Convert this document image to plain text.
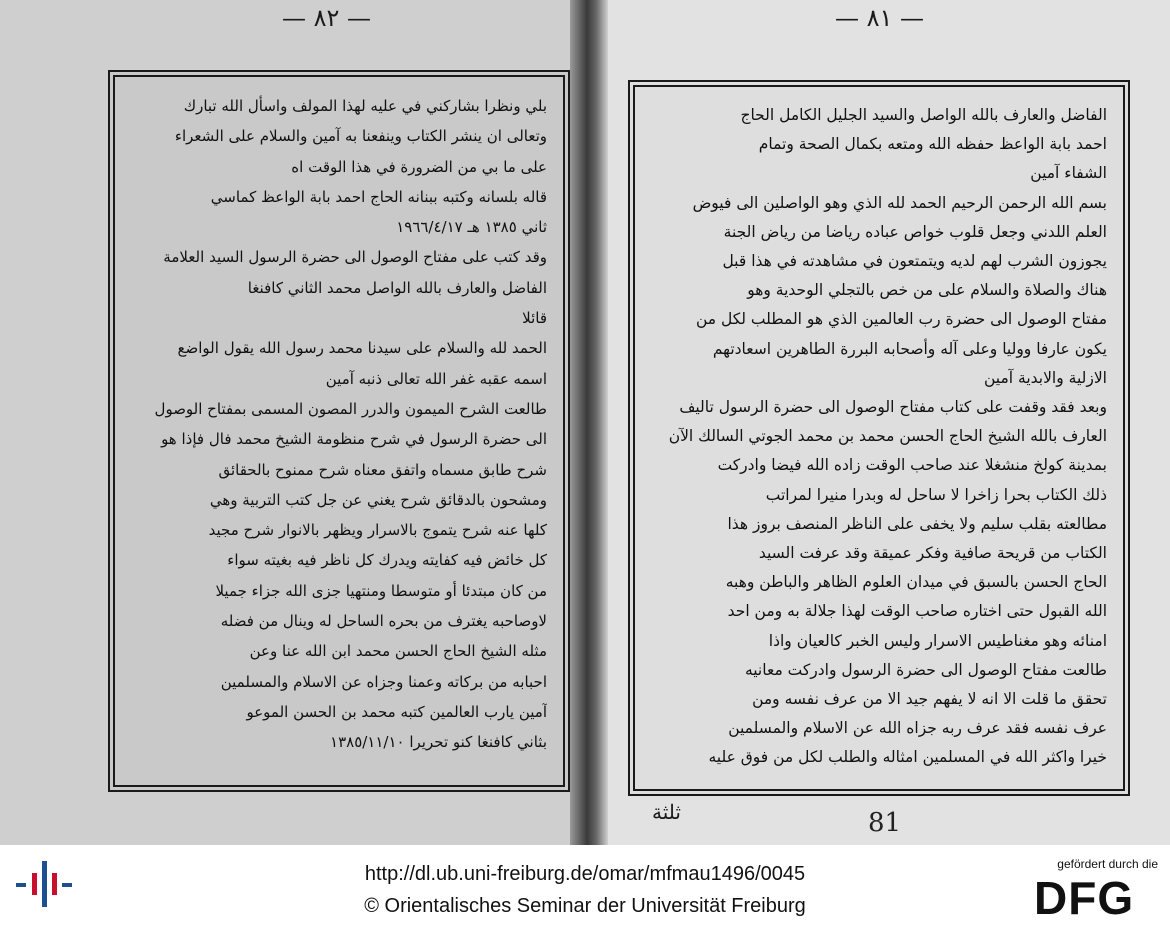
— ٨٢ —	— ٨١ —
بلي ونظرا بشاركني في عليه لهذا المولف واسأل الله تبارك
وتعالى ان ينشر الكتاب وينفعنا به آمين والسلام على الشعراء
على ما بي من الضرورة في هذا الوقت اه
قاله بلسانه وكتبه ببنانه الحاج احمد بابة الواعظ كماسي
ثاني ١٣٨٥ هـ ١٩٦٦/٤/١٧
وقد كتب على مفتاح الوصول الى حضرة الرسول السيد العلامة
الفاضل والعارف بالله الواصل محمد الثاني كافنغا
قائلا
الحمد لله والسلام على سيدنا محمد رسول الله يقول الواضع
اسمه عقبه غفر الله تعالى ذنبه آمين
طالعت الشرح الميمون والدرر المصون المسمى بمفتاح الوصول
الى حضرة الرسول في شرح منظومة الشيخ محمد فال فإذا هو
شرح طابق مسماه واتفق معناه شرح ممنوح بالحقائق
ومشحون بالدقائق شرح يغني عن جل كتب التربية وهي
كلها عنه شرح يتموج بالاسرار ويظهر بالانوار شرح مجيد
كل خائض فيه كفايته ويدرك كل ناظر فيه بغيته سواء
من كان مبتدئا أو متوسطا ومنتهيا جزى الله جزاء جميلا
لاوصاحبه يغترف من بحره الساحل له وينال من فضله
مثله الشيخ الحاج الحسن محمد ابن الله عنا وعن
احبابه من بركاته وعمنا وجزاه عن الاسلام والمسلمين
آمين يارب العالمين كتبه محمد بن الحسن الموعو
بثاني كافنغا كنو تحريرا ١٣٨٥/١١/١٠
الفاضل والعارف بالله الواصل والسيد الجليل الكامل الحاج
احمد بابة الواعظ حفظه الله ومتعه بكمال الصحة وتمام
الشفاء آمين
بسم الله الرحمن الرحيم الحمد لله الذي وهو الواصلين الى فيوض
العلم اللدني وجعل قلوب خواص عباده رياضا من رياض الجنة
يجوزون الشرب لهم لديه ويتمتعون في مشاهدته في هذا قبل
هناك والصلاة والسلام على من خص بالتجلي الوحدية وهو
مفتاح الوصول الى حضرة رب العالمين الذي هو المطلب لكل من
يكون عارفا ووليا وعلى آله وأصحابه البررة الطاهرين اسعادتهم
الازلية والابدية آمين
وبعد فقد وقفت على كتاب مفتاح الوصول الى حضرة الرسول تاليف
العارف بالله الشيخ الحاج الحسن محمد بن محمد الجوتي السالك الآن
بمدينة كولخ منشغلا عند صاحب الوقت زاده الله فيضا وادركت
ذلك الكتاب بحرا زاخرا لا ساحل له وبدرا منيرا لمراتب
مطالعته بقلب سليم ولا يخفى على الناظر المنصف بروز هذا
الكتاب من قريحة صافية وفكر عميقة وقد عرفت السيد
الحاج الحسن بالسبق في ميدان العلوم الظاهر والباطن وهبه
الله القبول حتى اختاره صاحب الوقت لهذا جلالة به ومن احد
امنائه وهو مغناطيس الاسرار وليس الخبر كالعيان واذا
طالعت مفتاح الوصول الى حضرة الرسول وادركت معانيه
تحقق ما قلت الا انه لا يفهم جيد الا من عرف نفسه ومن
عرف نفسه فقد عرف ربه جزاه الله عن الاسلام والمسلمين
خيرا واكثر الله في المسلمين امثاله والطلب لكل من فوق عليه
ثلثة	81
http://dl.ub.uni-freiburg.de/omar/mfmau1496/0045
© Orientalisches Seminar der Universität Freiburg
gefördert durch die
DFG
